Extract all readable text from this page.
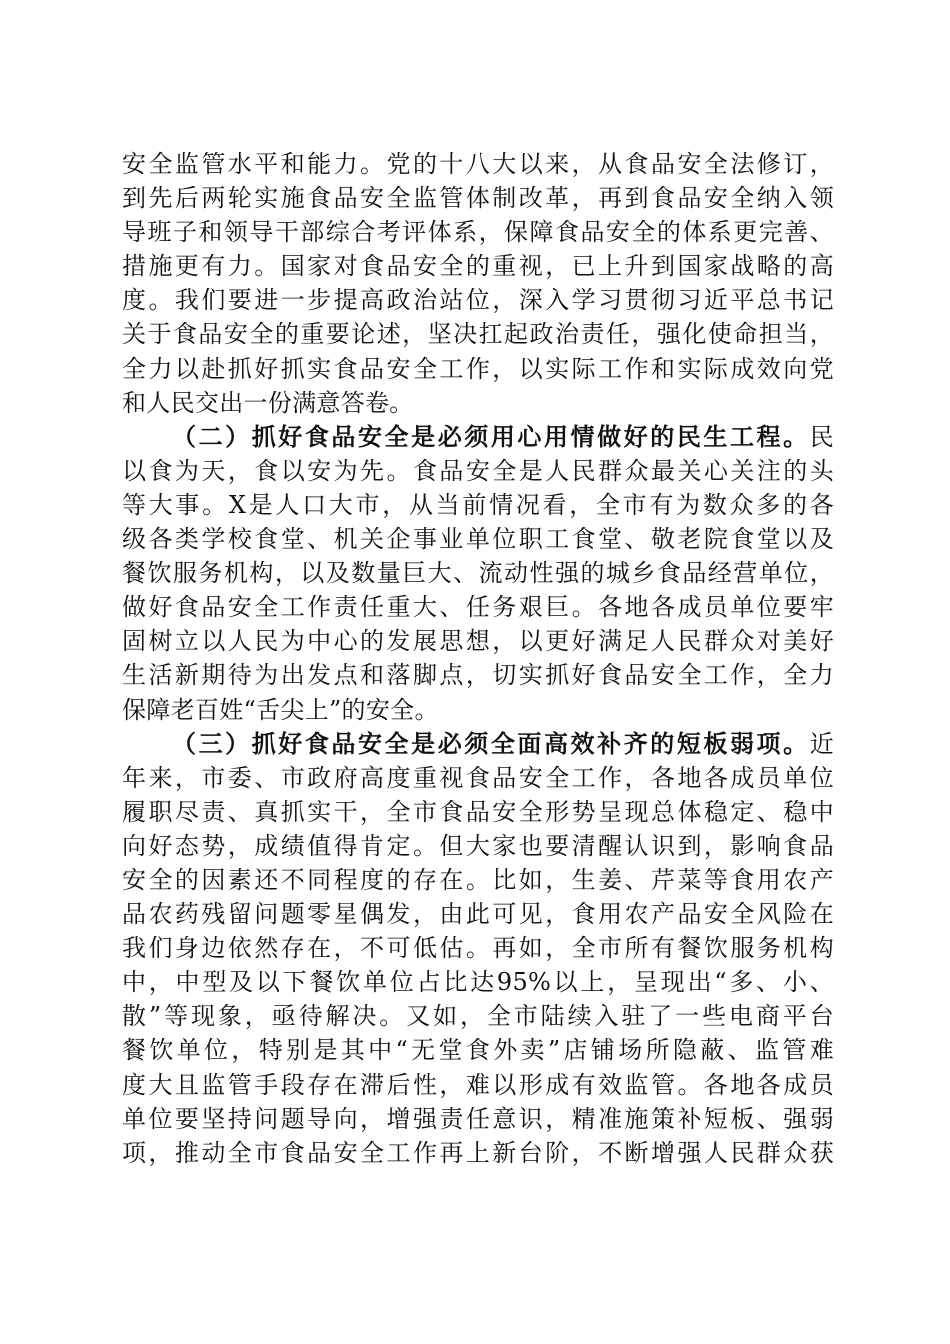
安全监管水平和能力。党的十八大以来，从食品安全法修订，
到先后两轮实施食品安全监管体制改革，再到食品安全纳入领
导班子和领导干部综合考评体系，保障食品安全的体系更完善、
措施更有力。国家对食品安全的重视，已上升到国家战略的高
度。我们要进一步提高政治站位，深入学习贯彻习近平总书记
关于食品安全的重要论述，坚决扛起政治责任，强化使命担当，
全力以赴抓好抓实食品安全工作，以实际工作和实际成效向党
和人民交出一份满意答卷。
（二）抓好食品安全是必须用心用情做好的民生工程。民
以食为天，食以安为先。食品安全是人民群众最关心关注的头
等大事。X是人口大市，从当前情况看，全市有为数众多的各
级各类学校食堂、机关企事业单位职工食堂、敬老院食堂以及
餐饮服务机构，以及数量巨大、流动性强的城乡食品经营单位，
做好食品安全工作责任重大、任务艰巨。各地各成员单位要牢
固树立以人民为中心的发展思想，以更好满足人民群众对美好
生活新期待为出发点和落脚点，切实抓好食品安全工作，全力
保障老百姓“舌尖上”的安全。
（三）抓好食品安全是必须全面高效补齐的短板弱项。近
年来，市委、市政府高度重视食品安全工作，各地各成员单位
履职尽责、真抓实干，全市食品安全形势呈现总体稳定、稳中
向好态势，成绩值得肯定。但大家也要清醒认识到，影响食品
安全的因素还不同程度的存在。比如，生姜、芹菜等食用农产
品农药残留问题零星偶发，由此可见，食用农产品安全风险在
我们身边依然存在，不可低估。再如，全市所有餐饮服务机构
中，中型及以下餐饮单位占比达95%以上，呈现出“多、小、
散”等现象，亟待解决。又如，全市陆续入驻了一些电商平台
餐饮单位，特别是其中“无堂食外卖”店铺场所隐蔽、监管难
度大且监管手段存在滞后性，难以形成有效监管。各地各成员
单位要坚持问题导向，增强责任意识，精准施策补短板、强弱
项，推动全市食品安全工作再上新台阶，不断增强人民群众获
